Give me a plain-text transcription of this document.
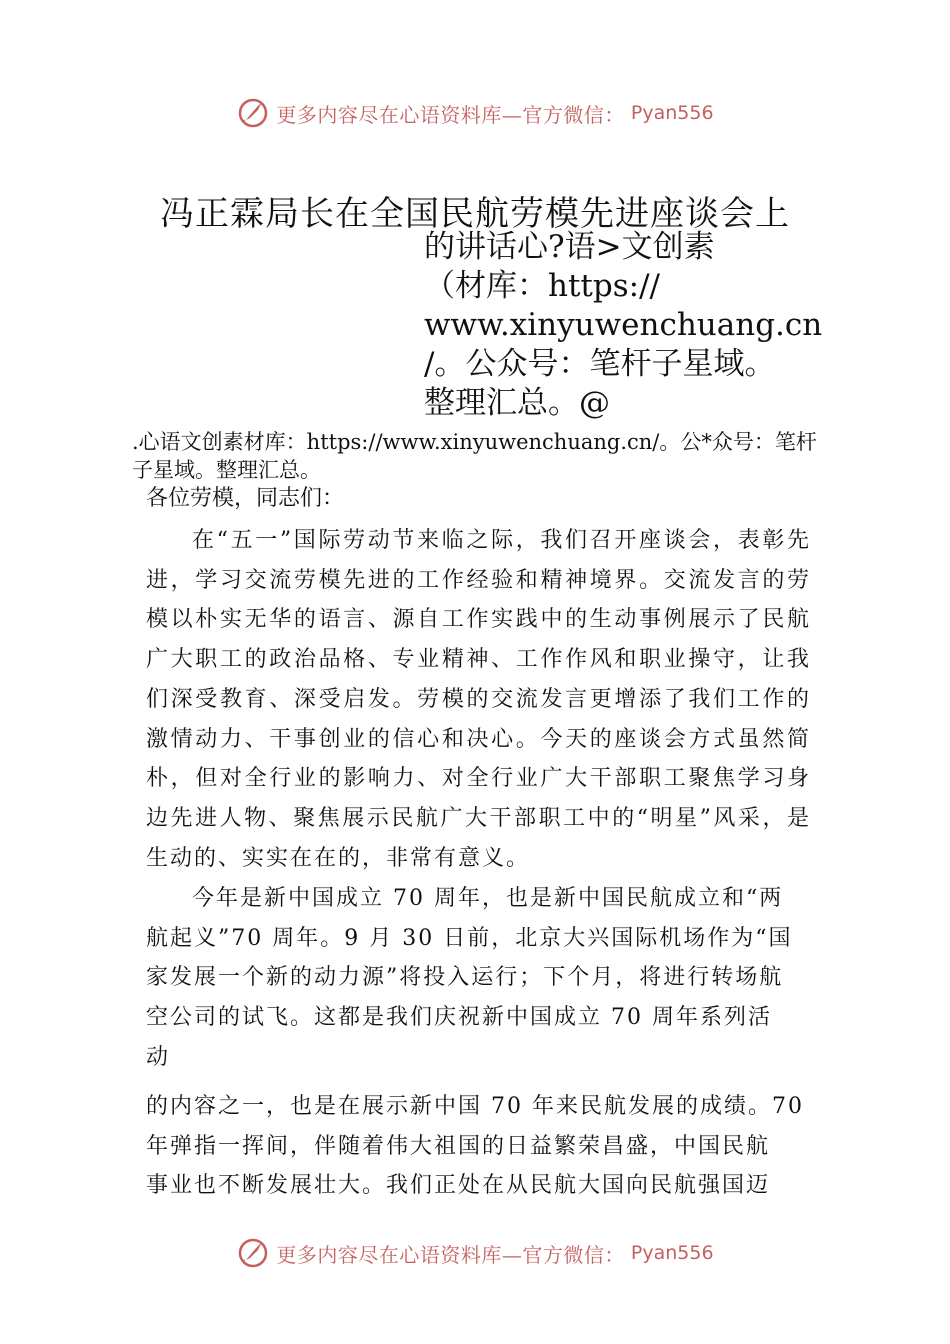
更多内容尽在心语资料库—官方微信： Pyan556
冯正霖局长在全国民航劳模先进座谈会上
的讲话心?语>文创素
（材库：https://
www.xinyuwenchuang.cn
/。公众号：笔杆子星域。
整理汇总。@
.心语文创素材库：https://www.xinyuwenchuang.cn/。公*众号：笔杆子星域。整理汇总。
各位劳模，同志们：
在“五一”国际劳动节来临之际，我们召开座谈会，表彰先进，学习交流劳模先进的工作经验和精神境界。交流发言的劳模以朴实无华的语言、源自工作实践中的生动事例展示了民航广大职工的政治品格、专业精神、工作作风和职业操守，让我们深受教育、深受启发。劳模的交流发言更增添了我们工作的激情动力、干事创业的信心和决心。今天的座谈会方式虽然简朴，但对全行业的影响力、对全行业广大干部职工聚焦学习身边先进人物、聚焦展示民航广大干部职工中的“明星”风采，是生动的、实实在在的，非常有意义。
今年是新中国成立 70 周年，也是新中国民航成立和“两
航起义”70 周年。9 月 30 日前，北京大兴国际机场作为“国
家发展一个新的动力源”将投入运行；下个月，将进行转场航
空公司的试飞。这都是我们庆祝新中国成立 70 周年系列活
动
的内容之一，也是在展示新中国 70 年来民航发展的成绩。70
年弹指一挥间，伴随着伟大祖国的日益繁荣昌盛，中国民航
事业也不断发展壮大。我们正处在从民航大国向民航强国迈
更多内容尽在心语资料库—官方微信： Pyan556
